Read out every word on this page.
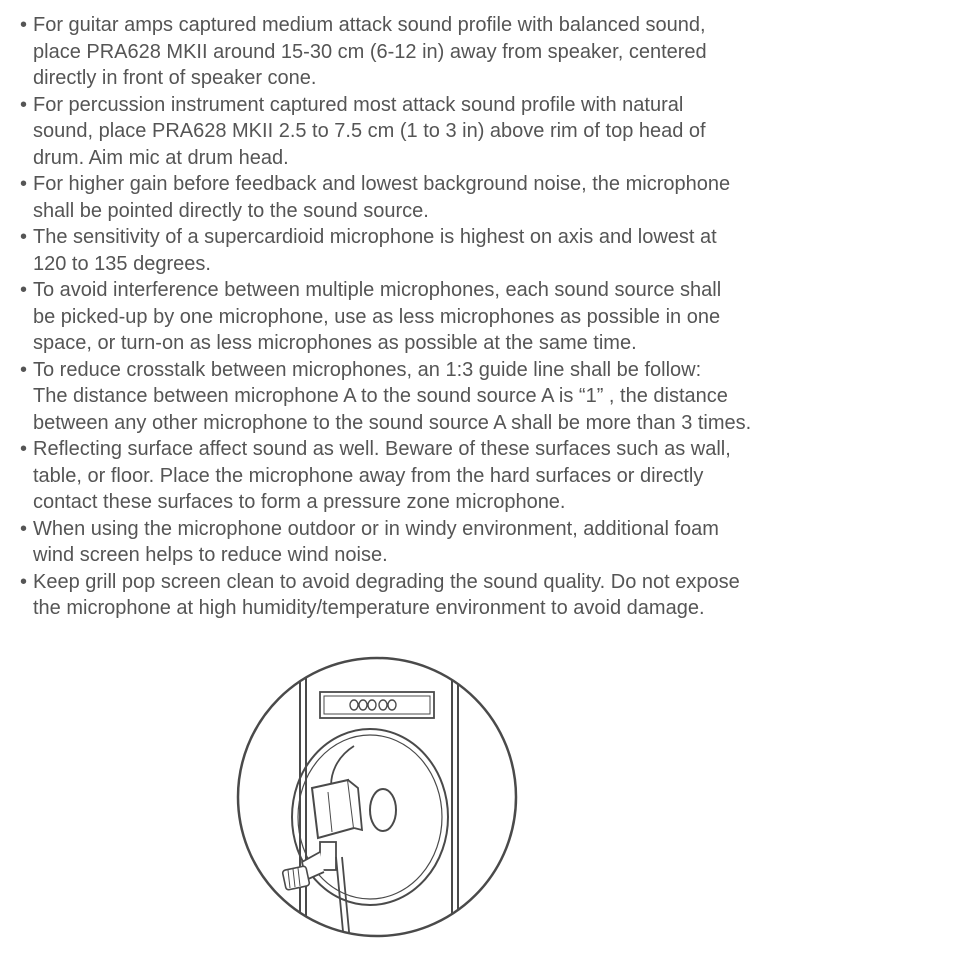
• For guitar amps captured medium attack sound profile with balanced sound,
place PRA628 MKII around 15-30 cm (6-12 in) away from speaker, centered
directly in front of speaker cone.
• For percussion instrument captured most attack sound profile with natural
sound, place PRA628 MKII 2.5 to 7.5 cm (1 to 3 in) above rim of top head of
drum. Aim mic at drum head.
• For higher gain before feedback and lowest background noise, the microphone
shall be pointed directly to the sound source.
• The sensitivity of a supercardioid microphone is highest on axis and lowest at
120 to 135 degrees.
• To avoid interference between multiple microphones, each sound source shall
be picked-up by one microphone, use as less microphones as possible in one
space, or turn-on as less microphones as possible at the same time.
• To reduce crosstalk between microphones, an 1:3 guide line shall be follow:
The distance between microphone A to the sound source A is “1” , the distance
between any other microphone to the sound source A shall be more than 3 times.
• Reflecting surface affect sound as well. Beware of these surfaces such as wall,
table, or floor. Place the microphone away from the hard surfaces or directly
contact these surfaces to form a pressure zone microphone.
• When using the microphone outdoor or in windy environment, additional foam
wind screen helps to reduce wind noise.
• Keep grill pop screen clean to avoid degrading the sound quality. Do not expose
the microphone at high humidity/temperature environment to avoid damage.
